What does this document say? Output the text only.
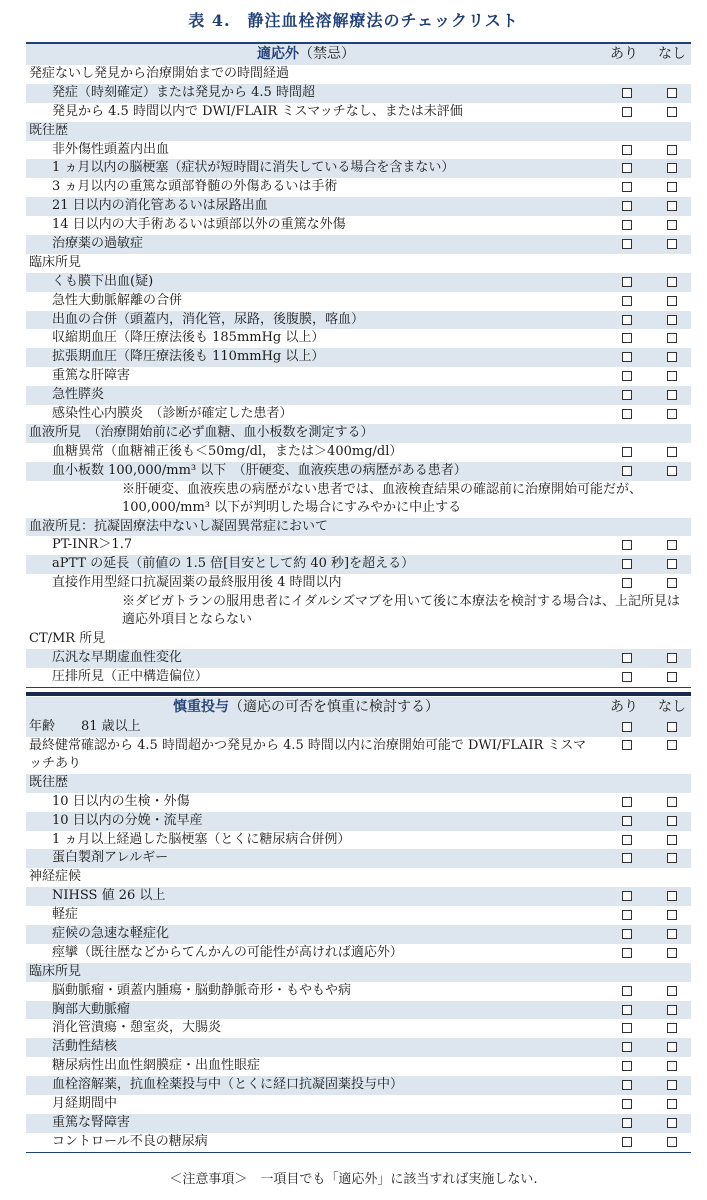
表 4.　静注血栓溶解療法のチェックリスト
適応外（禁忌）	あり なし
発症ないし発見から治療開始までの時間経過
発症（時刻確定）または発見から 4.5 時間超
発見から 4.5 時間以内で DWI/FLAIR ミスマッチなし、または未評価
既往歴
非外傷性頭蓋内出血
1 ヵ月以内の脳梗塞（症状が短時間に消失している場合を含まない）
3 ヵ月以内の重篤な頭部脊髄の外傷あるいは手術
21 日以内の消化管あるいは尿路出血
14 日以内の大手術あるいは頭部以外の重篤な外傷
治療薬の過敏症
臨床所見
くも膜下出血(疑)
急性大動脈解離の合併
出血の合併（頭蓋内，消化管，尿路，後腹膜，喀血）
収縮期血圧（降圧療法後も 185mmHg 以上）
拡張期血圧（降圧療法後も 110mmHg 以上）
重篤な肝障害
急性膵炎
感染性心内膜炎　（診断が確定した患者）
血液所見　（治療開始前に必ず血糖、血小板数を測定する）
血糖異常（血糖補正後も＜50mg/dl，または＞400mg/dl）
血小板数 100,000/mm³ 以下　（肝硬変、血液疾患の病歴がある患者）
※肝硬変、血液疾患の病歴がない患者では、血液検査結果の確認前に治療開始可能だが、100,000/mm³ 以下が判明した場合にすみやかに中止する
血液所見：抗凝固療法中ないし凝固異常症において
PT-INR＞1.7
aPTT の延長（前値の 1.5 倍[目安として約 40 秒]を超える）
直接作用型経口抗凝固薬の最終服用後 4 時間以内
※ダビガトランの服用患者にイダルシズマブを用いて後に本療法を検討する場合は、上記所見は適応外項目とならない
CT/MR 所見
広汎な早期虚血性変化
圧排所見（正中構造偏位）
慎重投与（適応の可否を慎重に検討する）	あり なし
年齢　　81 歳以上
最終健常確認から 4.5 時間超かつ発見から 4.5 時間以内に治療開始可能で DWI/FLAIR ミスマッチあり
既往歴
10 日以内の生検・外傷
10 日以内の分娩・流早産
1 ヵ月以上経過した脳梗塞（とくに糖尿病合併例）
蛋白製剤アレルギー
神経症候
NIHSS 値 26 以上
軽症
症候の急速な軽症化
痙攣（既往歴などからてんかんの可能性が高ければ適応外）
臨床所見
脳動脈瘤・頭蓋内腫瘍・脳動静脈奇形・もやもや病
胸部大動脈瘤
消化管潰瘍・憩室炎，大腸炎
活動性結核
糖尿病性出血性網膜症・出血性眼症
血栓溶解薬，抗血栓薬投与中（とくに経口抗凝固薬投与中）
月経期間中
重篤な腎障害
コントロール不良の糖尿病
＜注意事項＞　一項目でも「適応外」に該当すれば実施しない.
